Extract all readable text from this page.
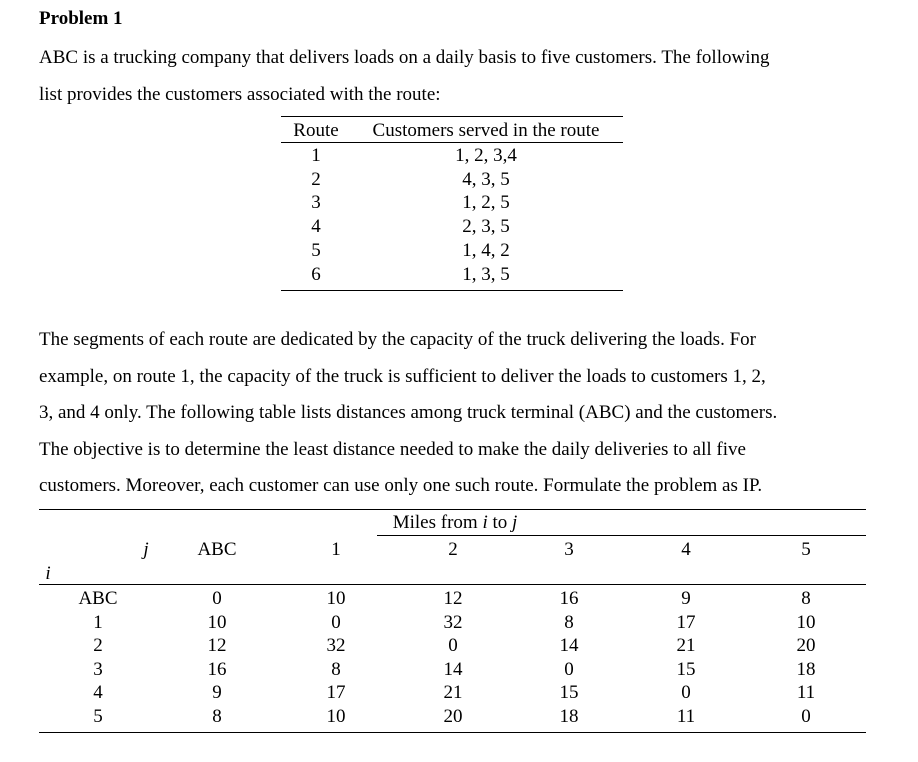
Problem 1
ABC is a trucking company that delivers loads on a daily basis to five customers. The following
list provides the customers associated with the route:
Route	Customers served in the route
1	1, 2, 3,4
2	4, 3, 5
3	1, 2, 5
4	2, 3, 5
5	1, 4, 2
6	1, 3, 5
The segments of each route are dedicated by the capacity of the truck delivering the loads. For
example, on route 1, the capacity of the truck is sufficient to deliver the loads to customers 1, 2,
3, and 4 only. The following table lists distances among truck terminal (ABC) and the customers.
The objective is to determine the least distance needed to make the daily deliveries to all five
customers. Moreover, each customer can use only one such route. Formulate the problem as IP.
Miles from i to j
j	ABC	1	2	3	4	5
i
ABC	0	10	12	16	9	8
1	10	0	32	8	17	10
2	12	32	0	14	21	20
3	16	8	14	0	15	18
4	9	17	21	15	0	11
5	8	10	20	18	11	0
